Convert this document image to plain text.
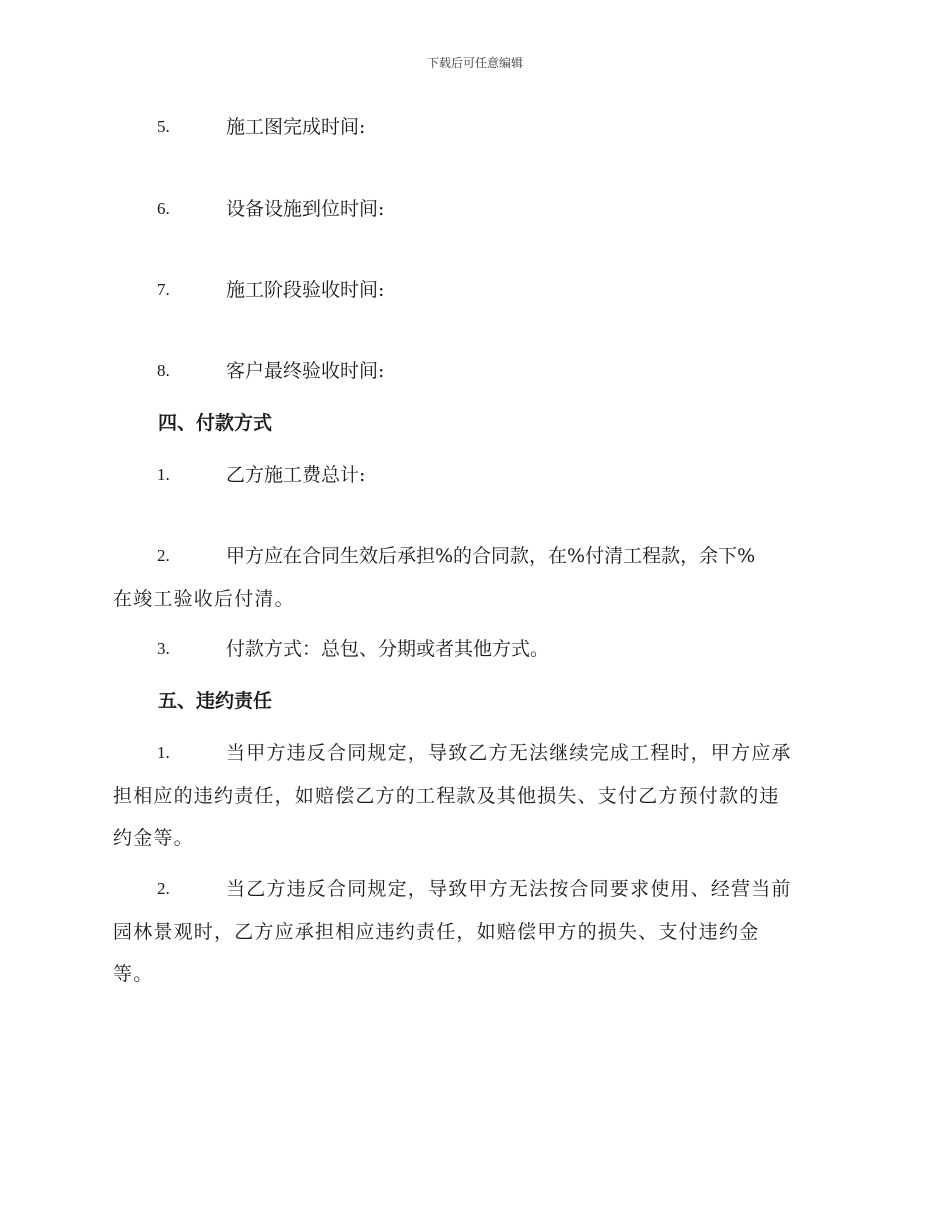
下载后可任意编辑
5.	施工图完成时间:
6.	设备设施到位时间:
7.	施工阶段验收时间:
8.	客户最终验收时间:
四、付款方式
1.	乙方施工费总计:
2.	甲方应在合同生效后承担%的合同款，在%付清工程款，余下%
在竣工验收后付清。
3.	付款方式：总包、分期或者其他方式。
五、违约责任
1.	当甲方违反合同规定，导致乙方无法继续完成工程时，甲方应承
担相应的违约责任，如赔偿乙方的工程款及其他损失、支付乙方预付款的违
约金等。
2.	当乙方违反合同规定，导致甲方无法按合同要求使用、经营当前
园林景观时，乙方应承担相应违约责任，如赔偿甲方的损失、支付违约金
等。
